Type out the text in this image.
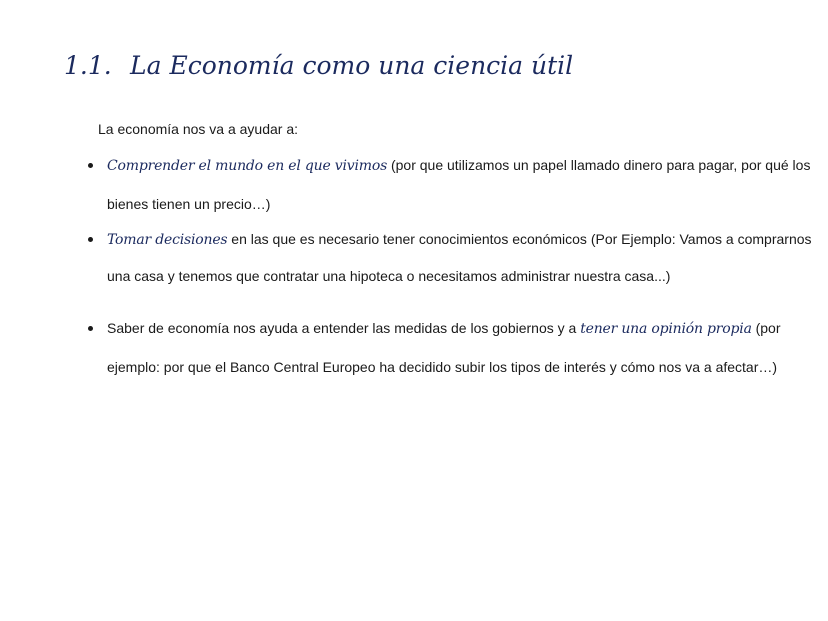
1.1. La Economía como una ciencia útil

La economía nos va a ayudar a:

Comprender el mundo en el que vivimos (por que utilizamos un papel llamado dinero para pagar, por qué los
bienes tienen un precio…)
Tomar decisiones en las que es necesario tener conocimientos económicos (Por Ejemplo: Vamos a comprarnos
una casa y tenemos que contratar una hipoteca o necesitamos administrar nuestra casa...)
Saber de economía nos ayuda a entender las medidas de los gobiernos y a tener una opinión propia (por
ejemplo: por que el Banco Central Europeo ha decidido subir los tipos de interés y cómo nos va a afectar…)
